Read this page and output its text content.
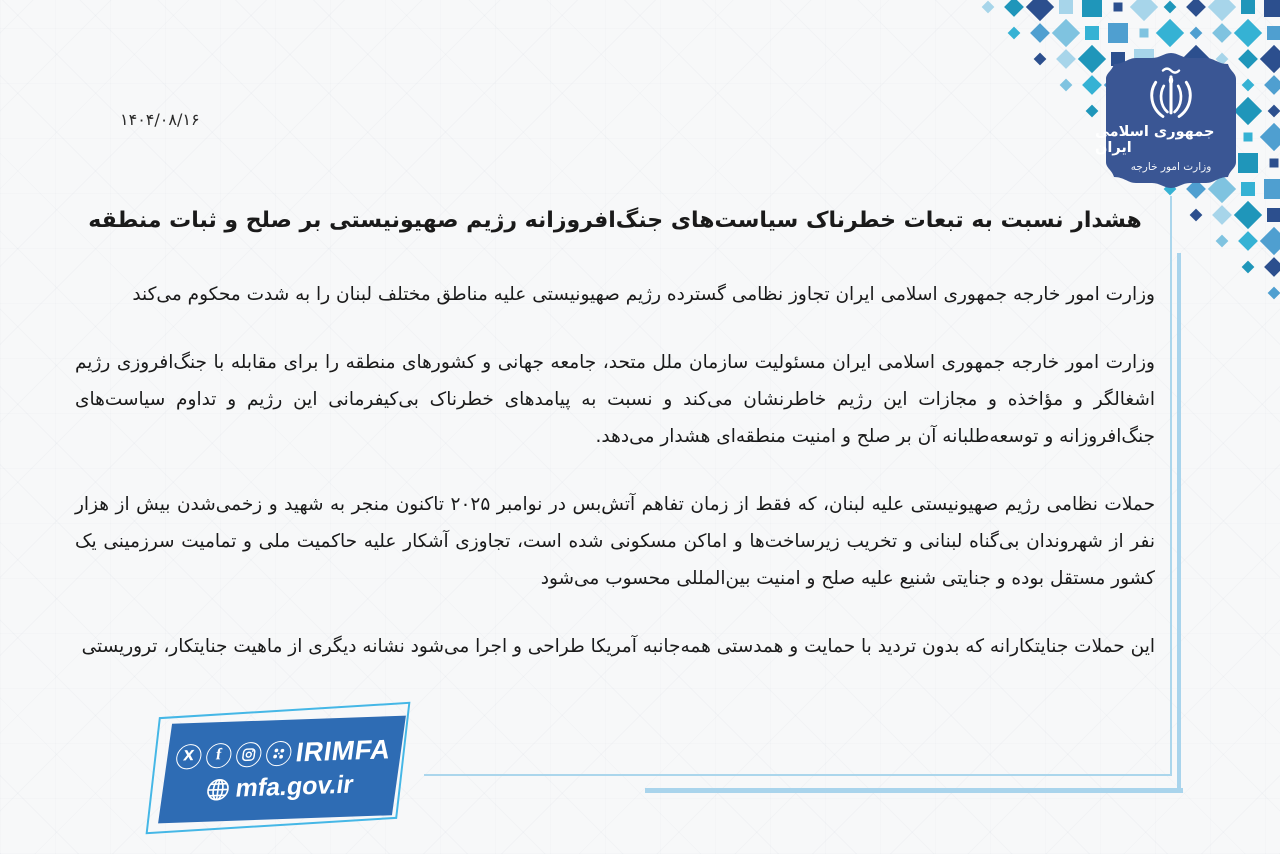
جمهوری اسلامی ایران
وزارت امور خارجه
۱۴۰۴/۰۸/۱۶
هشدار نسبت به تبعات خطرناک سیاست‌های جنگ‌افروزانه رژیم صهیونیستی بر صلح و ثبات منطقه

وزارت امور خارجه جمهوری اسلامی ایران تجاوز نظامی گسترده رژیم صهیونیستی علیه مناطق مختلف لبنان را به شدت محکوم می‌کند

وزارت امور خارجه جمهوری اسلامی ایران مسئولیت سازمان ملل متحد، جامعه جهانی و کشورهای منطقه را برای مقابله با جنگ‌افروزی رژیم اشغالگر و مؤاخذه و مجازات این رژیم خاطرنشان می‌کند و نسبت به پیامدهای خطرناک بی‌کیفرمانی این رژیم و تداوم سیاست‌های جنگ‌افروزانه و توسعه‌طلبانه آن بر صلح و امنیت منطقه‌ای هشدار می‌دهد.

حملات نظامی رژیم صهیونیستی علیه لبنان، که فقط از زمان تفاهم آتش‌بس در نوامبر ۲۰۲۵ تاکنون منجر به شهید و زخمی‌شدن بیش از هزار نفر از شهروندان بی‌گناه لبنانی و تخریب زیرساخت‌ها و اماکن مسکونی شده است، تجاوزی آشکار علیه حاکمیت ملی و تمامیت سرزمینی یک کشور مستقل بوده و جنایتی شنیع علیه صلح و امنیت بین‌المللی محسوب می‌شود

این حملات جنایتکارانه که بدون تردید با حمایت و همدستی همه‌جانبه آمریکا طراحی و اجرا می‌شود نشانه دیگری از ماهیت جنایتکار، تروریستی

X f	IRIMFA
mfa.gov.ir
